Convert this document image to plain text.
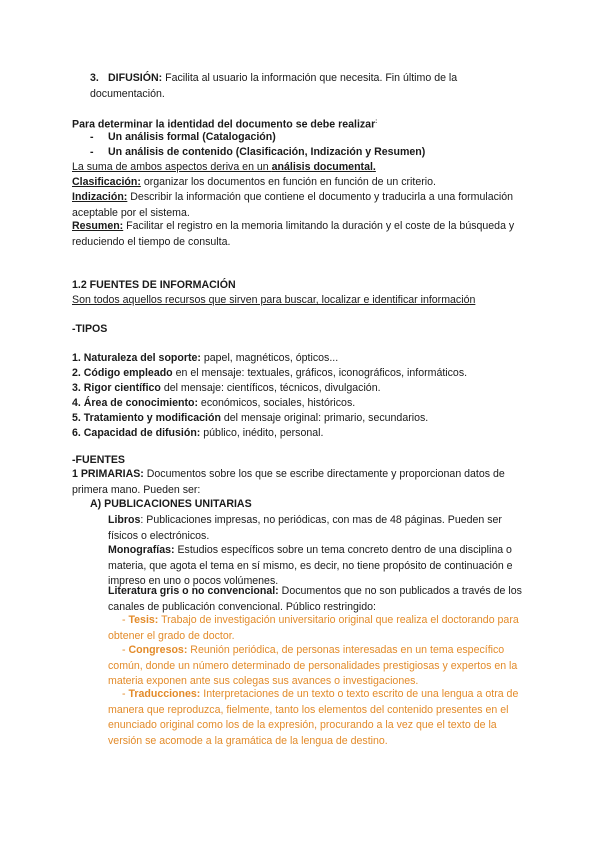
3. DIFUSIÓN: Facilita al usuario la información que necesita. Fin último de la documentación.
Para determinar la identidad del documento se debe realizar:
- Un análisis formal (Catalogación)
- Un análisis de contenido (Clasificación, Indización y Resumen)
La suma de ambos aspectos deriva en un análisis documental.
Clasificación: organizar los documentos en función en función de un criterio.
Indización: Describir la información que contiene el documento y traducirla a una formulación aceptable por el sistema.
Resumen: Facilitar el registro en la memoria limitando la duración y el coste de la búsqueda y reduciendo el tiempo de consulta.
1.2 FUENTES DE INFORMACIÓN
Son todos aquellos recursos que sirven para buscar, localizar e identificar información
-TIPOS
1. Naturaleza del soporte: papel, magnéticos, ópticos...
2. Código empleado en el mensaje: textuales, gráficos, iconográficos, informáticos.
3. Rigor científico del mensaje: científicos, técnicos, divulgación.
4. Área de conocimiento: económicos, sociales, históricos.
5. Tratamiento y modificación del mensaje original: primario, secundarios.
6. Capacidad de difusión: público, inédito, personal.
-FUENTES
1 PRIMARIAS: Documentos sobre los que se escribe directamente y proporcionan datos de primera mano. Pueden ser:
A) PUBLICACIONES UNITARIAS
Libros: Publicaciones impresas, no periódicas, con mas de 48 páginas. Pueden ser físicos o electrónicos.
Monografías: Estudios específicos sobre un tema concreto dentro de una disciplina o materia, que agota el tema en sí mismo, es decir, no tiene propósito de continuación e impreso en uno o pocos volúmenes.
Literatura gris o no convencional: Documentos que no son publicados a través de los canales de publicación convencional. Público restringido:
- Tesis: Trabajo de investigación universitario original que realiza el doctorando para obtener el grado de doctor.
- Congresos: Reunión periódica, de personas interesadas en un tema específico común, donde un número determinado de personalidades prestigiosas y expertos en la materia exponen ante sus colegas sus avances o investigaciones.
- Traducciones: Interpretaciones de un texto o texto escrito de una lengua a otra de manera que reproduzca, fielmente, tanto los elementos del contenido presentes en el enunciado original como los de la expresión, procurando a la vez que el texto de la versión se acomode a la gramática de la lengua de destino.
